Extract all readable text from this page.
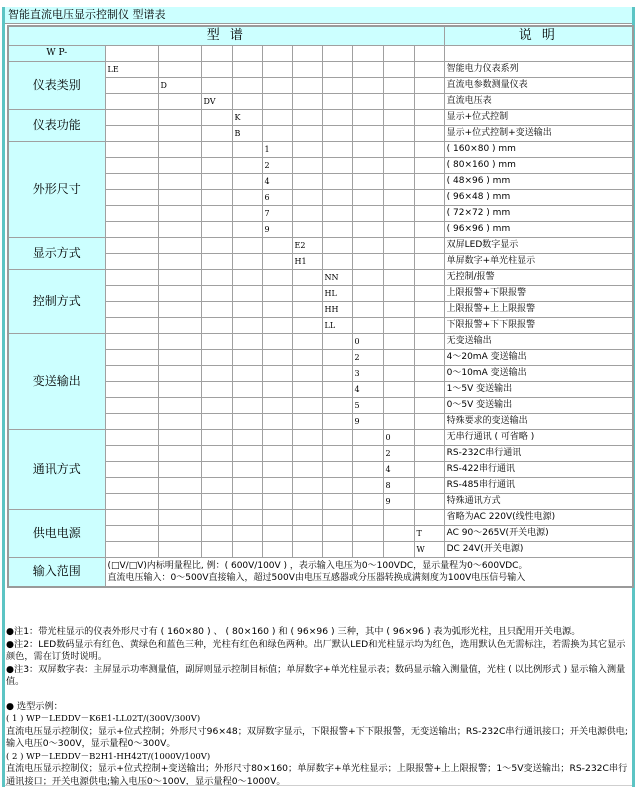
智能直流电压显示控制仪 型谱表
型 谱											说 明
W P-											
仪表类别	LE										智能电力仪表系列
		D									直流电参数测量仪表
			DV								直流电压表
仪表功能				K							显示+位式控制
				B							显示+位式控制+变送输出
外形尺寸					1						( 160×80 ) mm
					2						( 80×160 ) mm
					4						( 48×96 ) mm
					6						( 96×48 ) mm
					7						( 72×72 ) mm
					9						( 96×96 ) mm
显示方式						E2					双屏LED数字显示
						H1					单屏数字+单光柱显示
控制方式							NN				无控制/报警
							HL				上限报警+下限报警
							HH				上限报警+上上限报警
							LL				下限报警+下下限报警
变送输出								0			无变送输出
								2			4～20mA 变送输出
								3			0～10mA 变送输出
								4			1～5V 变送输出
								5			0～5V 变送输出
								9			特殊要求的变送输出
通讯方式									0		无串行通讯 ( 可省略 )
									2		RS-232C串行通讯
									4		RS-422串行通讯
									8		RS-485串行通讯
									9		特殊通讯方式
供电电源											省略为AC 220V(线性电源)
										T	AC 90～265V(开关电源)
										W	DC 24V(开关电源)
输入范围	(□V/□V)内标明量程比, 例：( 600V/100V ) ，表示输入电压为0～100VDC，显示量程为0～600VDC。
直流电压输入：0～500V直接输入，超过500V由电压互感器或分压器转换成满刻度为100V电压信号输入										

●注1：带光柱显示的仪表外形尺寸有 ( 160×80 ) 、 ( 80×160 ) 和 ( 96×96 ) 三种，其中 ( 96×96 ) 表为弧形光柱，且只配用开关电源。

●注2：LED数码显示有红色、黄绿色和蓝色三种，光柱有红色和绿色两种。出厂默认LED和光柱显示均为红色，选用默认色无需标注，若需换为其它显示颜色，需在订货时说明。

●注3：双屏数字表：主屏显示功率测量值，副屏则显示控制目标值；单屏数字+单光柱显示表；数码显示输入测量值，光柱 ( 以比例形式 ) 显示输入测量值。

● 选型示例：

( 1 ) WP－LEDDV－K6E1-LL02T/(300V/300V)

直流电压显示控制仪；显示+位式控制；外形尺寸96×48；双屏数字显示，下限报警+下下限报警，无变送输出；RS-232C串行通讯接口；开关电源供电;输入电压0～300V，显示量程0～300V。

( 2 ) WP－LEDDV－B2H1-HH42T/(1000V/100V)

直流电压显示控制仪；显示+位式控制+变送输出；外形尺寸80×160；单屏数字+单光柱显示；上限报警+上上限报警；1～5V变送输出；RS-232C串行通讯接口；开关电源供电;输入电压0～100V，显示量程0～1000V。
